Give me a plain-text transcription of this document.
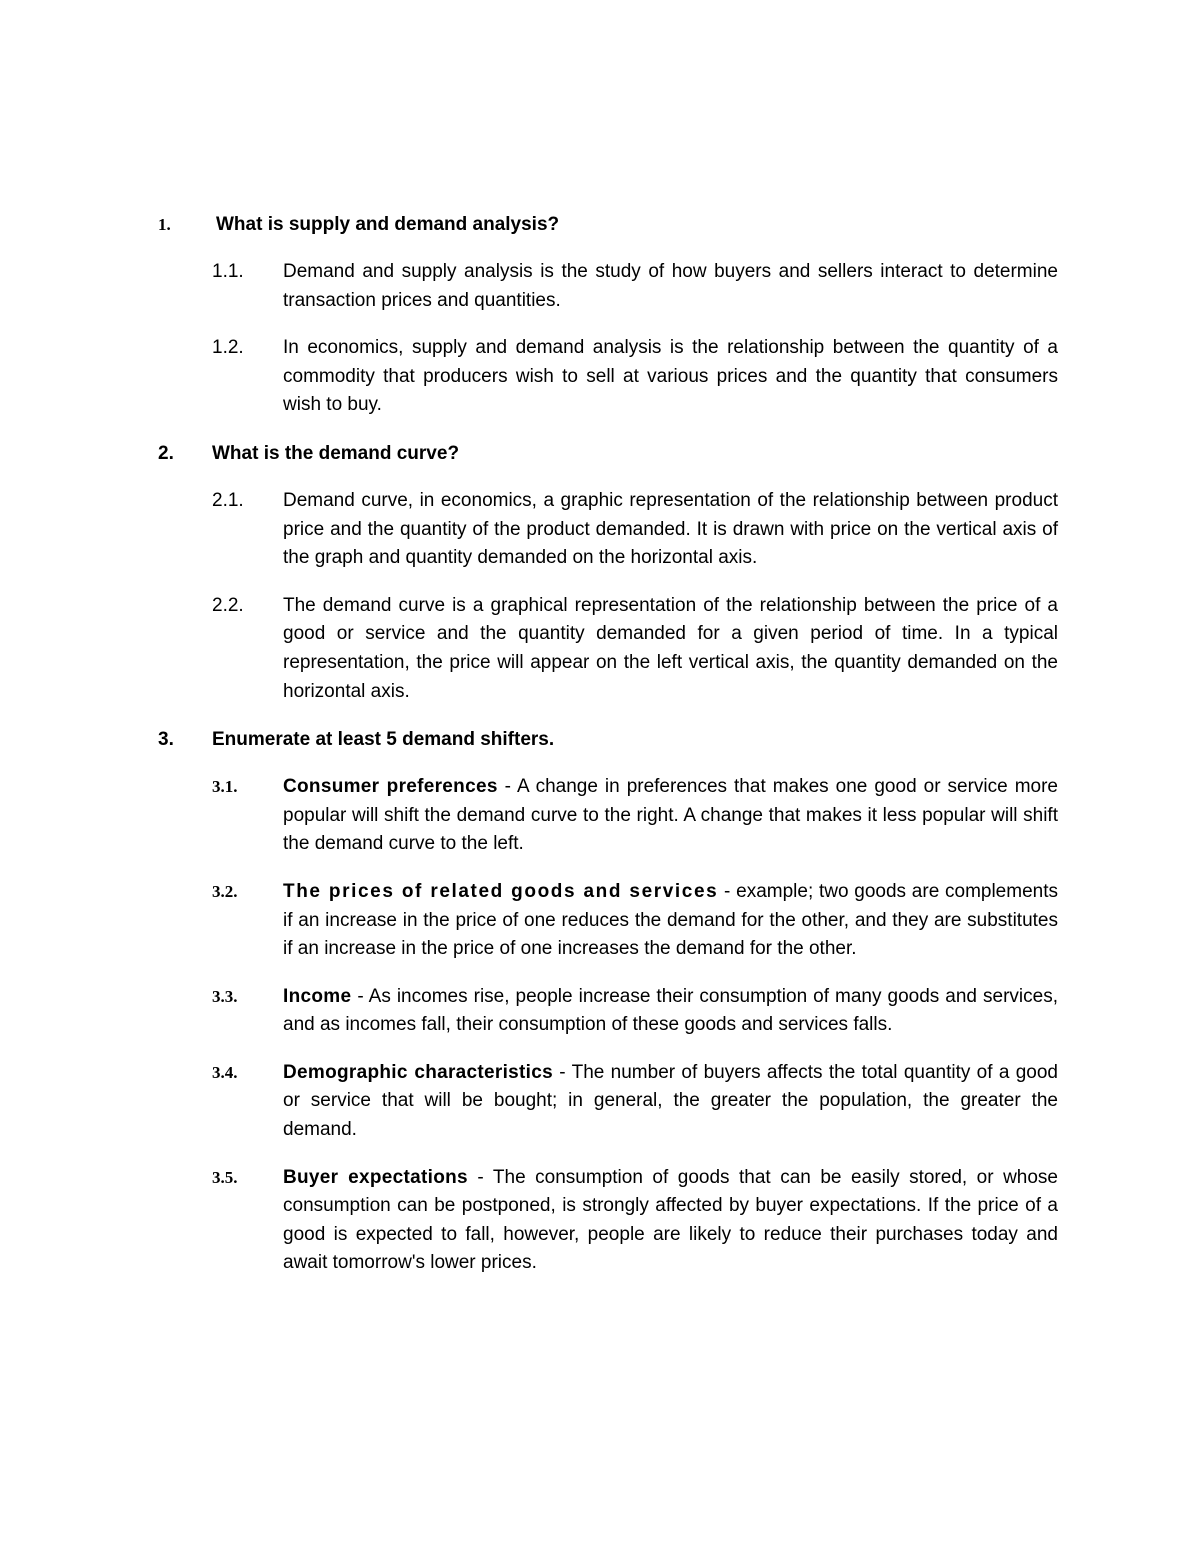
1.	What is supply and demand analysis?
1.1. Demand and supply analysis is the study of how buyers and sellers interact to determine transaction prices and quantities.
1.2. In economics, supply and demand analysis is the relationship between the quantity of a commodity that producers wish to sell at various prices and the quantity that consumers wish to buy.
2.	What is the demand curve?
2.1. Demand curve, in economics, a graphic representation of the relationship between product price and the quantity of the product demanded. It is drawn with price on the vertical axis of the graph and quantity demanded on the horizontal axis.
2.2. The demand curve is a graphical representation of the relationship between the price of a good or service and the quantity demanded for a given period of time. In a typical representation, the price will appear on the left vertical axis, the quantity demanded on the horizontal axis.
3.	Enumerate at least 5 demand shifters.
3.1. Consumer preferences - A change in preferences that makes one good or service more popular will shift the demand curve to the right. A change that makes it less popular will shift the demand curve to the left.
3.2. The prices of related goods and services - example; two goods are complements if an increase in the price of one reduces the demand for the other, and they are substitutes if an increase in the price of one increases the demand for the other.
3.3. Income - As incomes rise, people increase their consumption of many goods and services, and as incomes fall, their consumption of these goods and services falls.
3.4. Demographic characteristics - The number of buyers affects the total quantity of a good or service that will be bought; in general, the greater the population, the greater the demand.
3.5. Buyer expectations - The consumption of goods that can be easily stored, or whose consumption can be postponed, is strongly affected by buyer expectations. If the price of a good is expected to fall, however, people are likely to reduce their purchases today and await tomorrow's lower prices.
